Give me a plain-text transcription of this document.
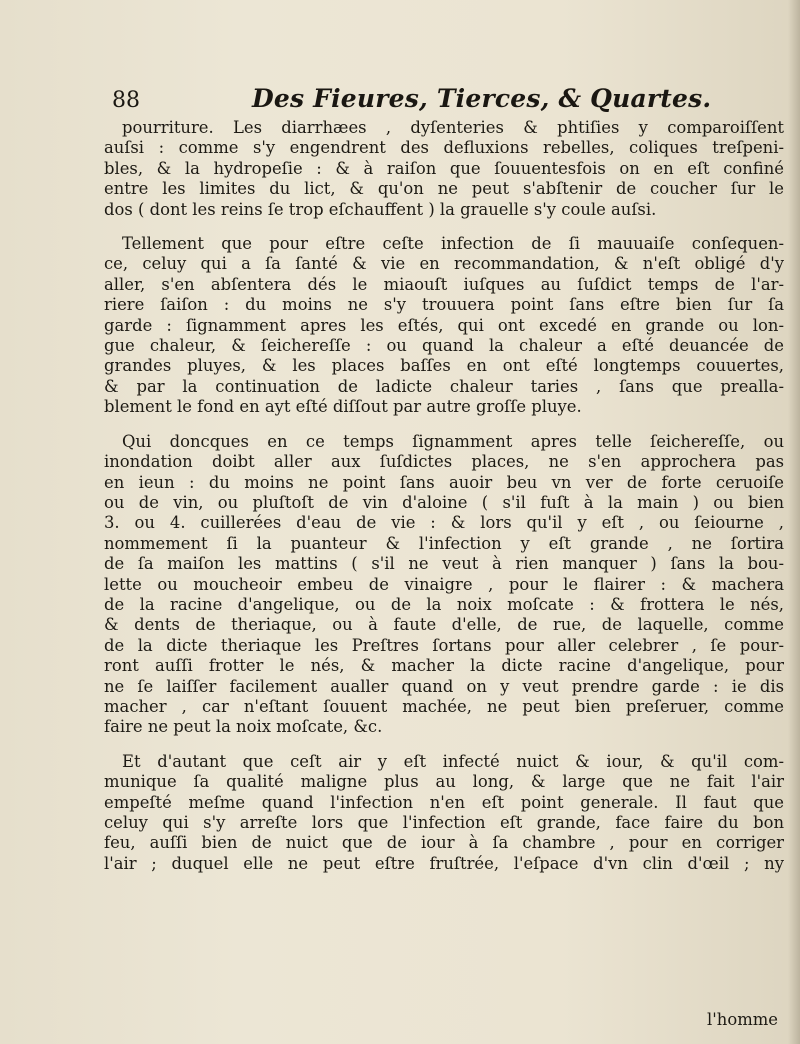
88	Des Fieures, Tierces, & Quartes.
pourriture. Les diarrhæes , dyſenteries & phtiſies y comparoiſſent
auſsi : comme s'y engendrent des defluxions rebelles, coliques treſpeni-
bles, & la hydropeſie : & à raiſon que ſouuentesfois on en eſt confiné
entre les limites du lict, & qu'on ne peut s'abſtenir de coucher ſur le
dos ( dont les reins ſe trop eſchauffent ) la grauelle s'y coule auſsi.
Tellement que pour eſtre ceſte infection de ſi mauuaiſe conſequen-
ce, celuy qui a ſa ſanté & vie en recommandation, & n'eſt obligé d'y
aller, s'en abſentera dés le miaouſt iuſques au ſuſdict temps de l'ar-
riere ſaiſon : du moins ne s'y trouuera point ſans eſtre bien ſur ſa
garde : ſignamment apres les eſtés, qui ont excedé en grande ou lon-
gue chaleur, & ſeichereſſe : ou quand la chaleur a eſté deuancée de
grandes pluyes, & les places baſſes en ont eſté longtemps couuertes,
& par la continuation de ladicte chaleur taries , ſans que prealla-
blement le fond en ayt eſté diſſout par autre groſſe pluye.
Qui doncques en ce temps ſignamment apres telle ſeichereſſe, ou
inondation doibt aller aux ſuſdictes places, ne s'en approchera pas
en ieun : du moins ne point ſans auoir beu vn ver de forte ceruoiſe
ou de vin, ou pluſtoſt de vin d'aloine ( s'il fuſt à la main ) ou bien
3. ou 4. cuillerées d'eau de vie : & lors qu'il y eſt , ou ſeiourne ,
nommement ſi la puanteur & l'infection y eſt grande , ne ſortira
de ſa maiſon les mattins ( s'il ne veut à rien manquer ) ſans la bou-
lette ou moucheoir embeu de vinaigre , pour le flairer : & machera
de la racine d'angelique, ou de la noix moſcate : & frottera le nés,
& dents de theriaque, ou à faute d'elle, de rue, de laquelle, comme
de la dicte theriaque les Preſtres ſortans pour aller celebrer , ſe pour-
ront auſſi frotter le nés, & macher la dicte racine d'angelique, pour
ne ſe laiſſer facilement aualler quand on y veut prendre garde : ie dis
macher , car n'eſtant ſouuent machée, ne peut bien preſeruer, comme
faire ne peut la noix moſcate, &c.
Et d'autant que ceſt air y eſt infecté nuict & iour, & qu'il com-
munique ſa qualité maligne plus au long, & large que ne fait l'air
empeſté meſme quand l'infection n'en eſt point generale. Il faut que
celuy qui s'y arreſte lors que l'infection eſt grande, face faire du bon
feu, auſſi bien de nuict que de iour à ſa chambre , pour en corriger
l'air ; duquel elle ne peut eſtre fruſtrée, l'eſpace d'vn clin d'œil ; ny
l'homme
